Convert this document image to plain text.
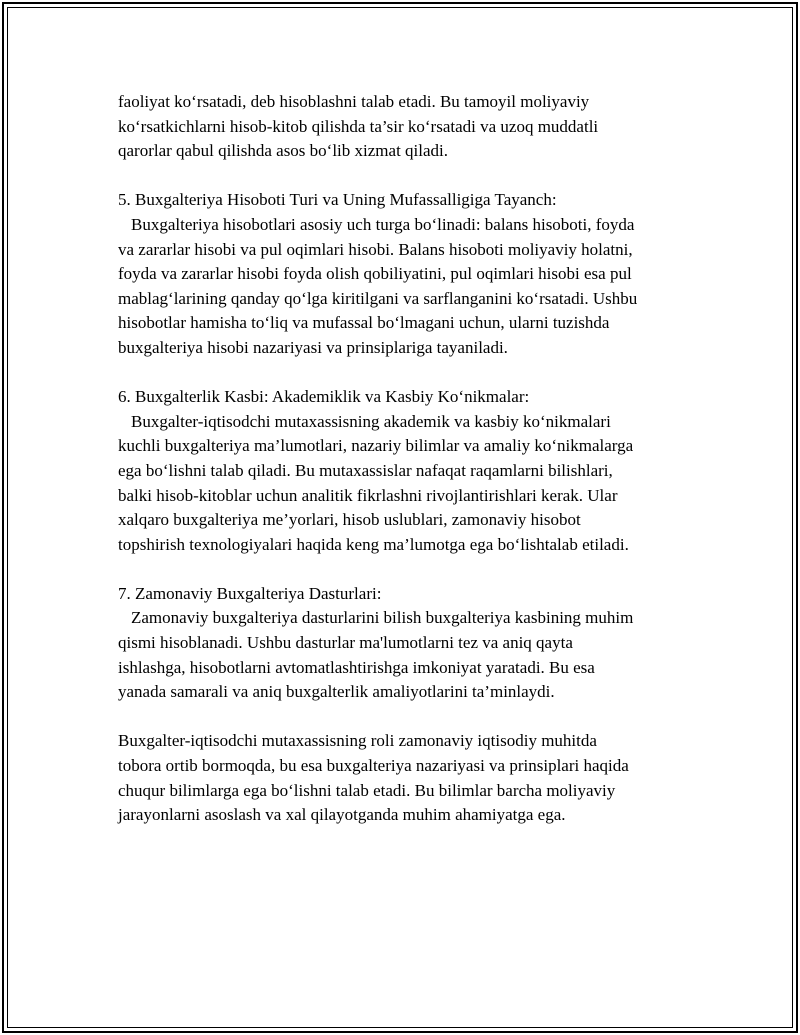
faoliyat ko‘rsatadi, deb hisoblashni talab etadi. Bu tamoyil moliyaviy
ko‘rsatkichlarni hisob-kitob qilishda ta’sir ko‘rsatadi va uzoq muddatli
qarorlar qabul qilishda asos bo‘lib xizmat qiladi.
5. Buxgalteriya Hisoboti Turi va Uning Mufassalligiga Tayanch:
Buxgalteriya hisobotlari asosiy uch turga bo‘linadi: balans hisoboti, foyda
va zararlar hisobi va pul oqimlari hisobi. Balans hisoboti moliyaviy holatni,
foyda va zararlar hisobi foyda olish qobiliyatini, pul oqimlari hisobi esa pul
mablag‘larining qanday qo‘lga kiritilgani va sarflanganini ko‘rsatadi. Ushbu
hisobotlar hamisha to‘liq va mufassal bo‘lmagani uchun, ularni tuzishda
buxgalteriya hisobi nazariyasi va prinsiplariga tayaniladi.
6. Buxgalterlik Kasbi: Akademiklik va Kasbiy Ko‘nikmalar:
Buxgalter-iqtisodchi mutaxassisning akademik va kasbiy ko‘nikmalari
kuchli buxgalteriya ma’lumotlari, nazariy bilimlar va amaliy ko‘nikmalarga
ega bo‘lishni talab qiladi. Bu mutaxassislar nafaqat raqamlarni bilishlari,
balki hisob-kitoblar uchun analitik fikrlashni rivojlantirishlari kerak. Ular
xalqaro buxgalteriya me’yorlari, hisob uslublari, zamonaviy hisobot
topshirish texnologiyalari haqida keng ma’lumotga ega bo‘lishtalab etiladi.
7. Zamonaviy Buxgalteriya Dasturlari:
Zamonaviy buxgalteriya dasturlarini bilish buxgalteriya kasbining muhim
qismi hisoblanadi. Ushbu dasturlar ma'lumotlarni tez va aniq qayta
ishlashga, hisobotlarni avtomatlashtirishga imkoniyat yaratadi. Bu esa
yanada samarali va aniq buxgalterlik amaliyotlarini ta’minlaydi.
Buxgalter-iqtisodchi mutaxassisning roli zamonaviy iqtisodiy muhitda
tobora ortib bormoqda, bu esa buxgalteriya nazariyasi va prinsiplari haqida
chuqur bilimlarga ega bo‘lishni talab etadi. Bu bilimlar barcha moliyaviy
jarayonlarni asoslash va xal qilayotganda muhim ahamiyatga ega.
